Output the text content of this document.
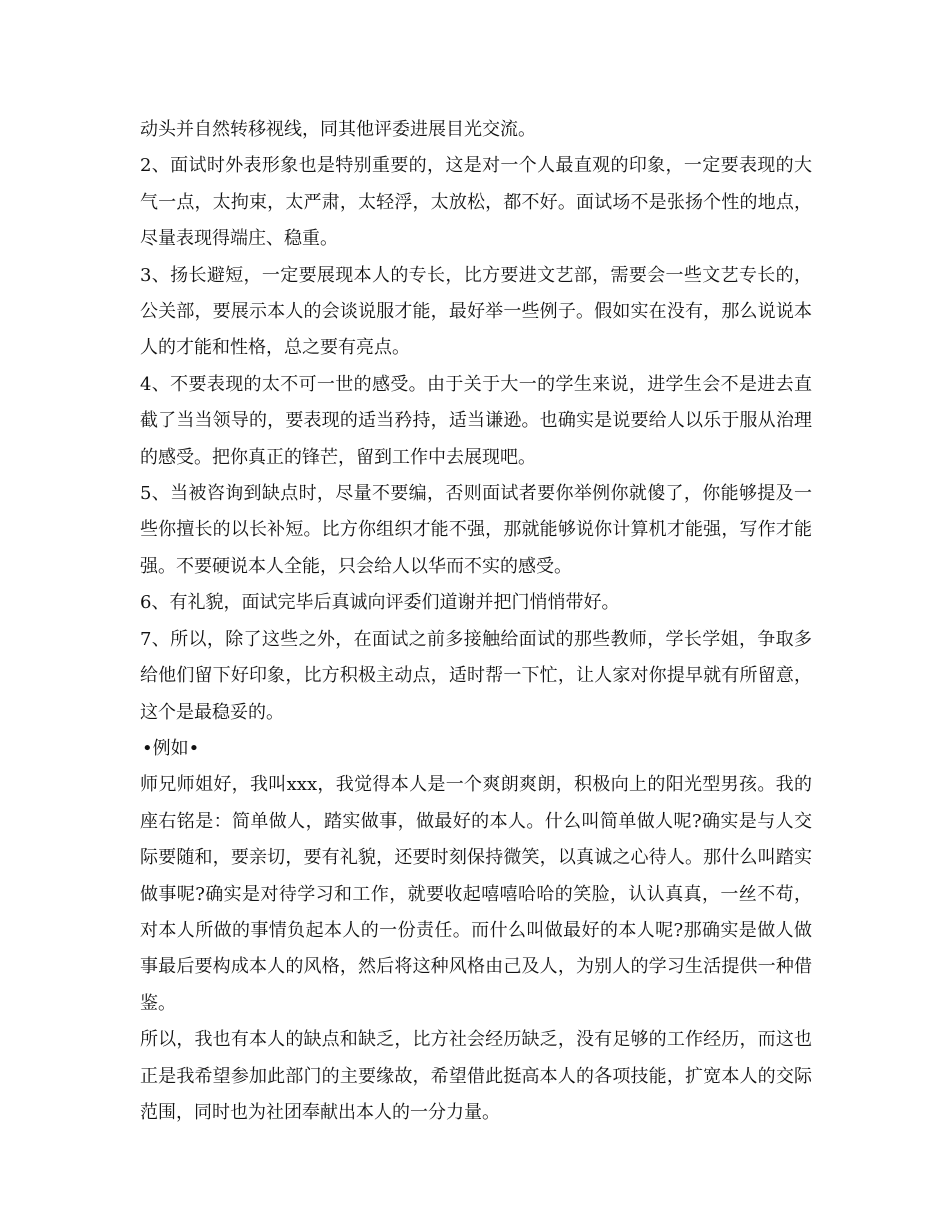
动头并自然转移视线，同其他评委进展目光交流。

2、面试时外表形象也是特别重要的，这是对一个人最直观的印象，一定要表现的大气一点，太拘束，太严肃，太轻浮，太放松，都不好。面试场不是张扬个性的地点，尽量表现得端庄、稳重。

3、扬长避短，一定要展现本人的专长，比方要进文艺部，需要会一些文艺专长的，公关部，要展示本人的会谈说服才能，最好举一些例子。假如实在没有，那么说说本人的才能和性格，总之要有亮点。

4、不要表现的太不可一世的感受。由于关于大一的学生来说，进学生会不是进去直截了当当领导的，要表现的适当矜持，适当谦逊。也确实是说要给人以乐于服从治理的感受。把你真正的锋芒，留到工作中去展现吧。

5、当被咨询到缺点时，尽量不要编，否则面试者要你举例你就傻了，你能够提及一些你擅长的以长补短。比方你组织才能不强，那就能够说你计算机才能强，写作才能强。不要硬说本人全能，只会给人以华而不实的感受。

6、有礼貌，面试完毕后真诚向评委们道谢并把门悄悄带好。

7、所以，除了这些之外，在面试之前多接触给面试的那些教师，学长学姐，争取多给他们留下好印象，比方积极主动点，适时帮一下忙，让人家对你提早就有所留意，这个是最稳妥的。

•例如•

师兄师姐好，我叫xxx，我觉得本人是一个爽朗爽朗，积极向上的阳光型男孩。我的座右铭是：简单做人，踏实做事，做最好的本人。什么叫简单做人呢?确实是与人交际要随和，要亲切，要有礼貌，还要时刻保持微笑，以真诚之心待人。那什么叫踏实做事呢?确实是对待学习和工作，就要收起嘻嘻哈哈的笑脸，认认真真，一丝不苟，对本人所做的事情负起本人的一份责任。而什么叫做最好的本人呢?那确实是做人做事最后要构成本人的风格，然后将这种风格由己及人，为别人的学习生活提供一种借鉴。

所以，我也有本人的缺点和缺乏，比方社会经历缺乏，没有足够的工作经历，而这也正是我希望参加此部门的主要缘故，希望借此挺高本人的各项技能，扩宽本人的交际范围，同时也为社团奉献出本人的一分力量。
